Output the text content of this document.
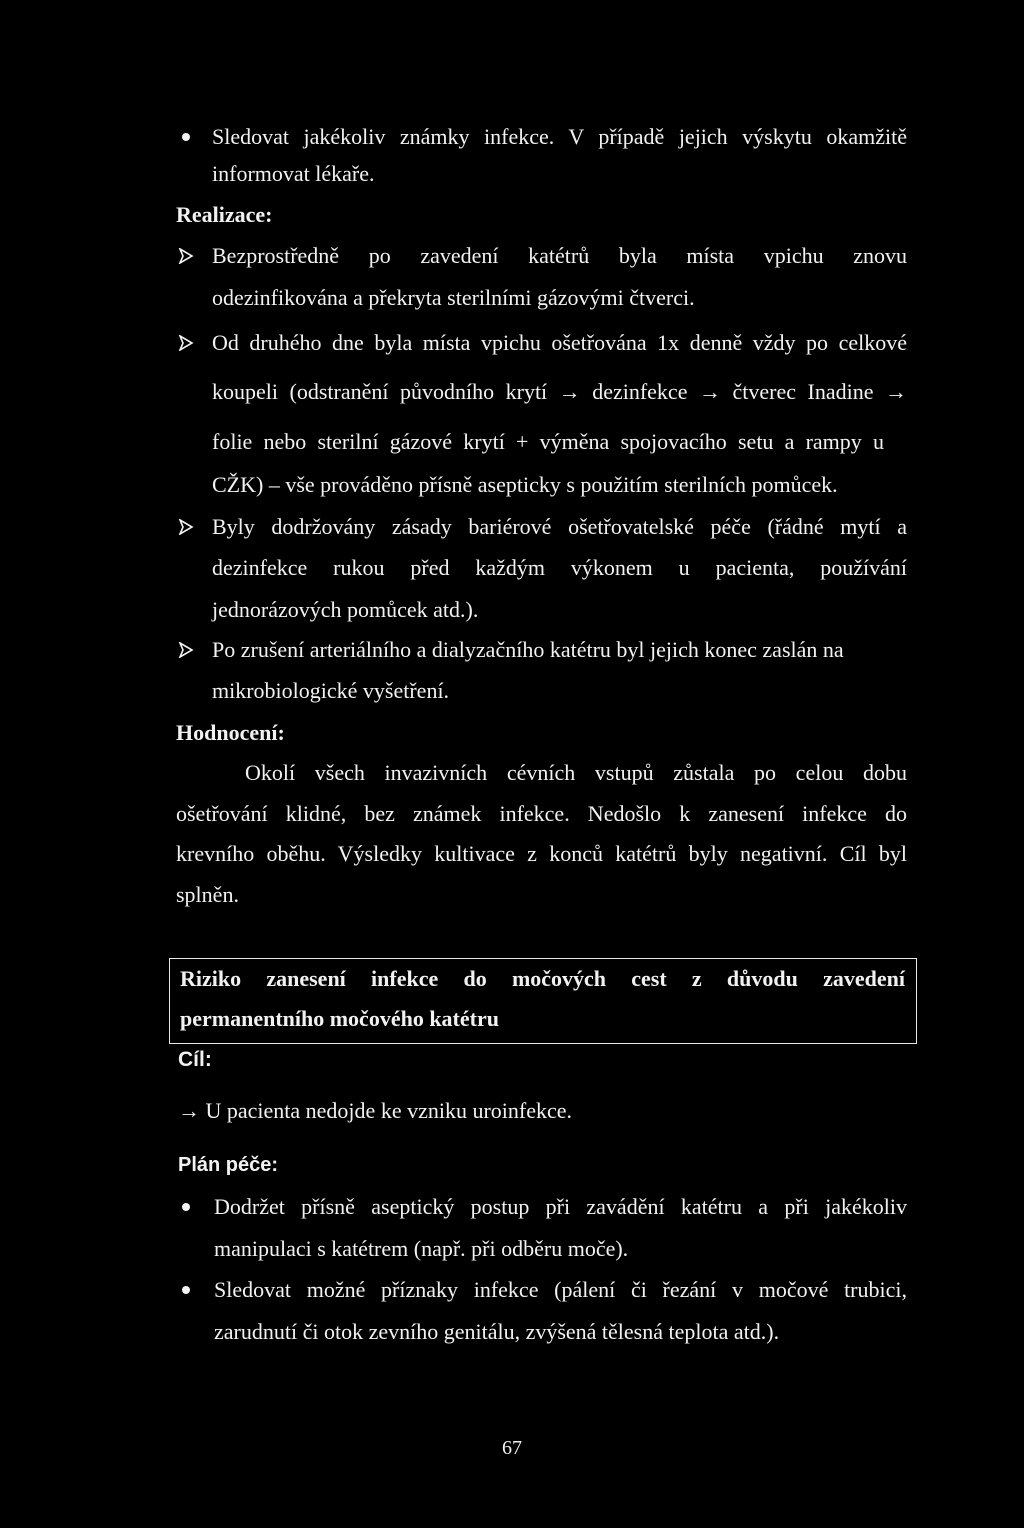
Sledovat jakékoliv známky infekce. V případě jejich výskytu okamžitě

informovat lékaře.

Realizace:

Bezprostředně po zavedení katétrů byla místa vpichu znovu

odezinfikována a překryta sterilními gázovými čtverci.

Od druhého dne byla místa vpichu ošetřována 1x denně vždy po celkové

koupeli (odstranění původního krytí → dezinfekce → čtverec Inadine →

folie nebo sterilní gázové krytí + výměna spojovacího setu a rampy u

CŽK) – vše prováděno přísně asepticky s použitím sterilních pomůcek.

Byly dodržovány zásady bariérové ošetřovatelské péče (řádné mytí a

dezinfekce rukou před každým výkonem u pacienta, používání

jednorázových pomůcek atd.).

Po zrušení arteriálního a dialyzačního katétru byl jejich konec zaslán na

mikrobiologické vyšetření.

Hodnocení:

Okolí všech invazivních cévních vstupů zůstala po celou dobu

ošetřování klidné, bez známek infekce. Nedošlo k zanesení infekce do

krevního oběhu. Výsledky kultivace z konců katétrů byly negativní. Cíl byl

splněn.

Riziko zanesení infekce do močových cest z důvodu zavedení

permanentního močového katétru

Cíl:

→ U pacienta nedojde ke vzniku uroinfekce.

Plán péče:

Dodržet přísně aseptický postup při zavádění katétru a při jakékoliv

manipulaci s katétrem (např. při odběru moče).

Sledovat možné příznaky infekce (pálení či řezání v močové trubici,

zarudnutí či otok zevního genitálu, zvýšená tělesná teplota atd.).

67
